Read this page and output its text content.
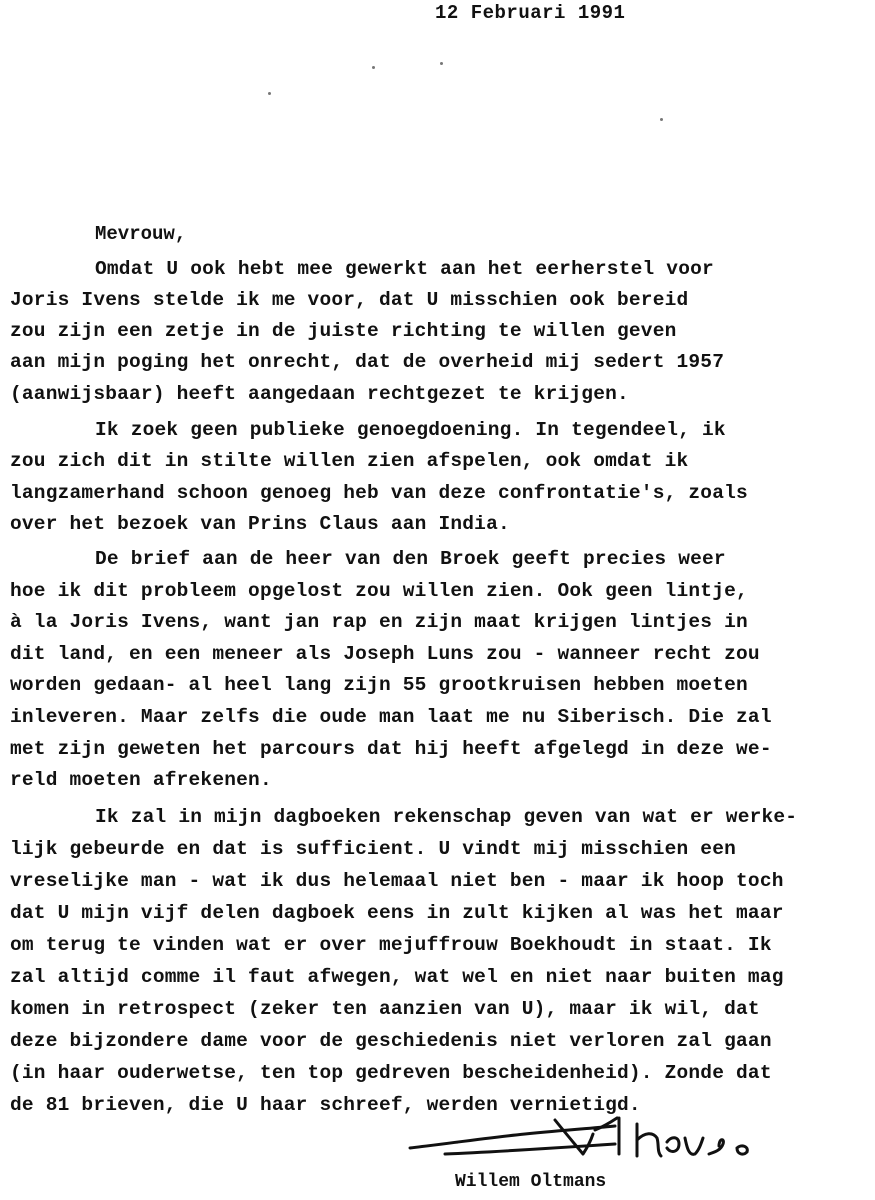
12 Februari 1991
Mevrouw,
Omdat U ook hebt mee gewerkt aan het eerherstel voor
Joris Ivens stelde ik me voor, dat U misschien ook bereid
zou zijn een zetje in de juiste richting te willen geven
aan mijn poging het onrecht, dat de overheid mij sedert 1957
(aanwijsbaar) heeft aangedaan rechtgezet te krijgen.
Ik zoek geen publieke genoegdoening. In tegendeel, ik
zou zich dit in stilte willen zien afspelen, ook omdat ik
langzamerhand schoon genoeg heb van deze confrontatie's, zoals
over het bezoek van Prins Claus aan India.
De brief aan de heer van den Broek geeft precies weer
hoe ik dit probleem opgelost zou willen zien. Ook geen lintje,
à la Joris Ivens, want jan rap en zijn maat krijgen lintjes in
dit land, en een meneer als Joseph Luns zou - wanneer recht zou
worden gedaan- al heel lang zijn 55 grootkruisen hebben moeten
inleveren. Maar zelfs die oude man laat me nu Siberisch. Die zal
met zijn geweten het parcours dat hij heeft afgelegd in deze we-
reld moeten afrekenen.
Ik zal in mijn dagboeken rekenschap geven van wat er werke-
lijk gebeurde en dat is sufficient. U vindt mij misschien een
vreselijke man - wat ik dus helemaal niet ben - maar ik hoop toch
dat U mijn vijf delen dagboek eens in zult kijken al was het maar
om terug te vinden wat er over mejuffrouw Boekhoudt in staat. Ik
zal altijd comme il faut afwegen, wat wel en niet naar buiten mag
komen in retrospect (zeker ten aanzien van U), maar ik wil, dat
deze bijzondere dame voor de geschiedenis niet verloren zal gaan
(in haar ouderwetse, ten top gedreven bescheidenheid). Zonde dat
de 81 brieven, die U haar schreef, werden vernietigd.
Willem Oltmans
